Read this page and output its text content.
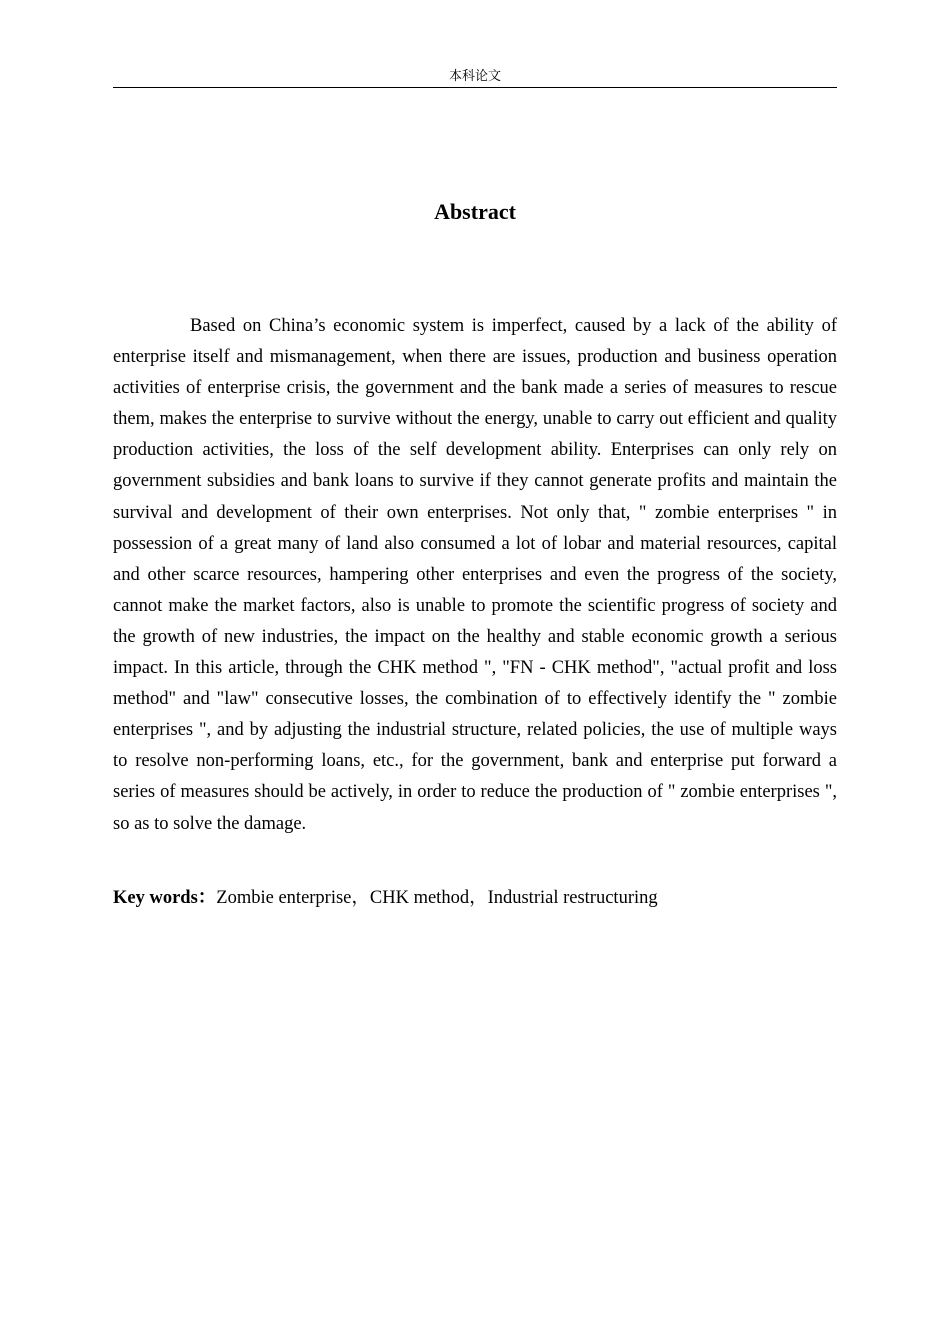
本科论文
Abstract

Based on China’s economic system is imperfect, caused by a lack of the ability of enterprise itself and mismanagement, when there are issues, production and business operation activities of enterprise crisis, the government and the bank made a series of measures to rescue them, makes the enterprise to survive without the energy, unable to carry out efficient and quality production activities, the loss of the self development ability. Enterprises can only rely on government subsidies and bank loans to survive if they cannot generate profits and maintain the survival and development of their own enterprises. Not only that, " zombie enterprises " in possession of a great many of land also consumed a lot of lobar and material resources, capital and other scarce resources, hampering other enterprises and even the progress of the society, cannot make the market factors, also is unable to promote the scientific progress of society and the growth of new industries, the impact on the healthy and stable economic growth a serious impact. In this article, through the CHK method ", "FN - CHK method", "actual profit and loss method" and "law" consecutive losses, the combination of to effectively identify the " zombie enterprises ", and by adjusting the industrial structure, related policies, the use of multiple ways to resolve non-performing loans, etc., for the government, bank and enterprise put forward a series of measures should be actively, in order to reduce the production of " zombie enterprises ", so as to solve the damage.

Key words：Zombie enterprise，CHK method，Industrial restructuring
